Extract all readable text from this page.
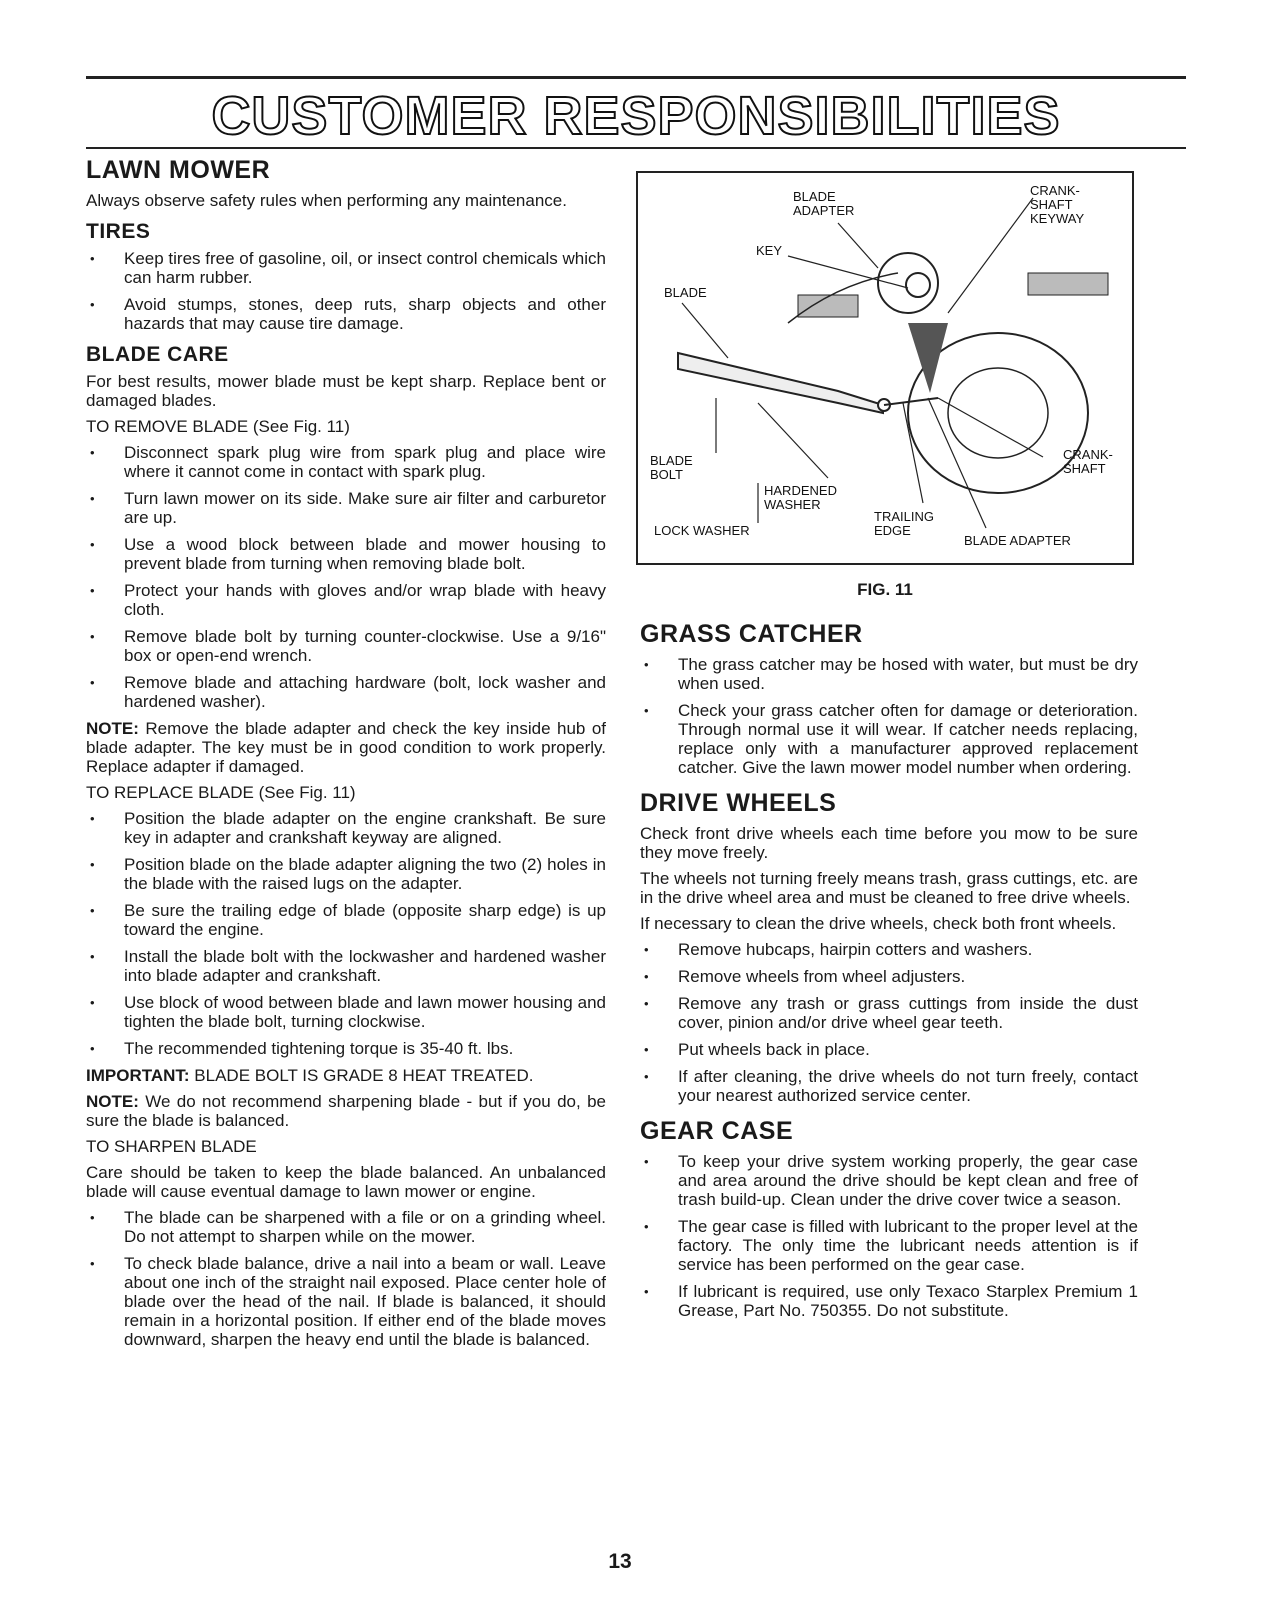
CUSTOMER RESPONSIBILITIES
LAWN MOWER

Always observe safety rules when performing any maintenance.

TIRES
• Keep tires free of gasoline, oil, or insect control chemicals which can harm rubber.
• Avoid stumps, stones, deep ruts, sharp objects and other hazards that may cause tire damage.
BLADE CARE

For best results, mower blade must be kept sharp. Replace bent or damaged blades.

TO REMOVE BLADE (See Fig. 11)

• Disconnect spark plug wire from spark plug and place wire where it cannot come in contact with spark plug.
• Turn lawn mower on its side. Make sure air filter and carburetor are up.
• Use a wood block between blade and mower housing to prevent blade from turning when removing blade bolt.
• Protect your hands with gloves and/or wrap blade with heavy cloth.
• Remove blade bolt by turning counter-clockwise. Use a 9/16" box or open-end wrench.
• Remove blade and attaching hardware (bolt, lock washer and hardened washer).

NOTE: Remove the blade adapter and check the key inside hub of blade adapter. The key must be in good condition to work properly. Replace adapter if damaged.

TO REPLACE BLADE (See Fig. 11)

• Position the blade adapter on the engine crankshaft. Be sure key in adapter and crankshaft keyway are aligned.
• Position blade on the blade adapter aligning the two (2) holes in the blade with the raised lugs on the adapter.
• Be sure the trailing edge of blade (opposite sharp edge) is up toward the engine.
• Install the blade bolt with the lockwasher and hardened washer into blade adapter and crankshaft.
• Use block of wood between blade and lawn mower housing and tighten the blade bolt, turning clockwise.
• The recommended tightening torque is 35-40 ft. lbs.

IMPORTANT: BLADE BOLT IS GRADE 8 HEAT TREATED.

NOTE: We do not recommend sharpening blade - but if you do, be sure the blade is balanced.

TO SHARPEN BLADE

Care should be taken to keep the blade balanced. An unbalanced blade will cause eventual damage to lawn mower or engine.

• The blade can be sharpened with a file or on a grinding wheel. Do not attempt to sharpen while on the mower.
• To check blade balance, drive a nail into a beam or wall. Leave about one inch of the straight nail exposed. Place center hole of blade over the head of the nail. If blade is balanced, it should remain in a horizontal position. If either end of the blade moves downward, sharpen the heavy end until the blade is balanced.
BLADE
ADAPTER
CRANK-
SHAFT
KEYWAY
KEY
BLADE
BLADE
BOLT
CRANK-
SHAFT
HARDENED
WASHER
TRAILING
EDGE
LOCK WASHER
BLADE ADAPTER
FIG. 11
GRASS CATCHER
• The grass catcher may be hosed with water, but must be dry when used.
• Check your grass catcher often for damage or deterioration. Through normal use it will wear. If catcher needs replacing, replace only with a manufacturer approved replacement catcher. Give the lawn mower model number when ordering.
DRIVE WHEELS

Check front drive wheels each time before you mow to be sure they move freely.

The wheels not turning freely means trash, grass cuttings, etc. are in the drive wheel area and must be cleaned to free drive wheels.

If necessary to clean the drive wheels, check both front wheels.

• Remove hubcaps, hairpin cotters and washers.
• Remove wheels from wheel adjusters.
• Remove any trash or grass cuttings from inside the dust cover, pinion and/or drive wheel gear teeth.
• Put wheels back in place.
• If after cleaning, the drive wheels do not turn freely, contact your nearest authorized service center.
GEAR CASE
• To keep your drive system working properly, the gear case and area around the drive should be kept clean and free of trash build-up. Clean under the drive cover twice a season.
• The gear case is filled with lubricant to the proper level at the factory. The only time the lubricant needs attention is if service has been performed on the gear case.
• If lubricant is required, use only Texaco Starplex Premium 1 Grease, Part No. 750355. Do not substitute.
13
